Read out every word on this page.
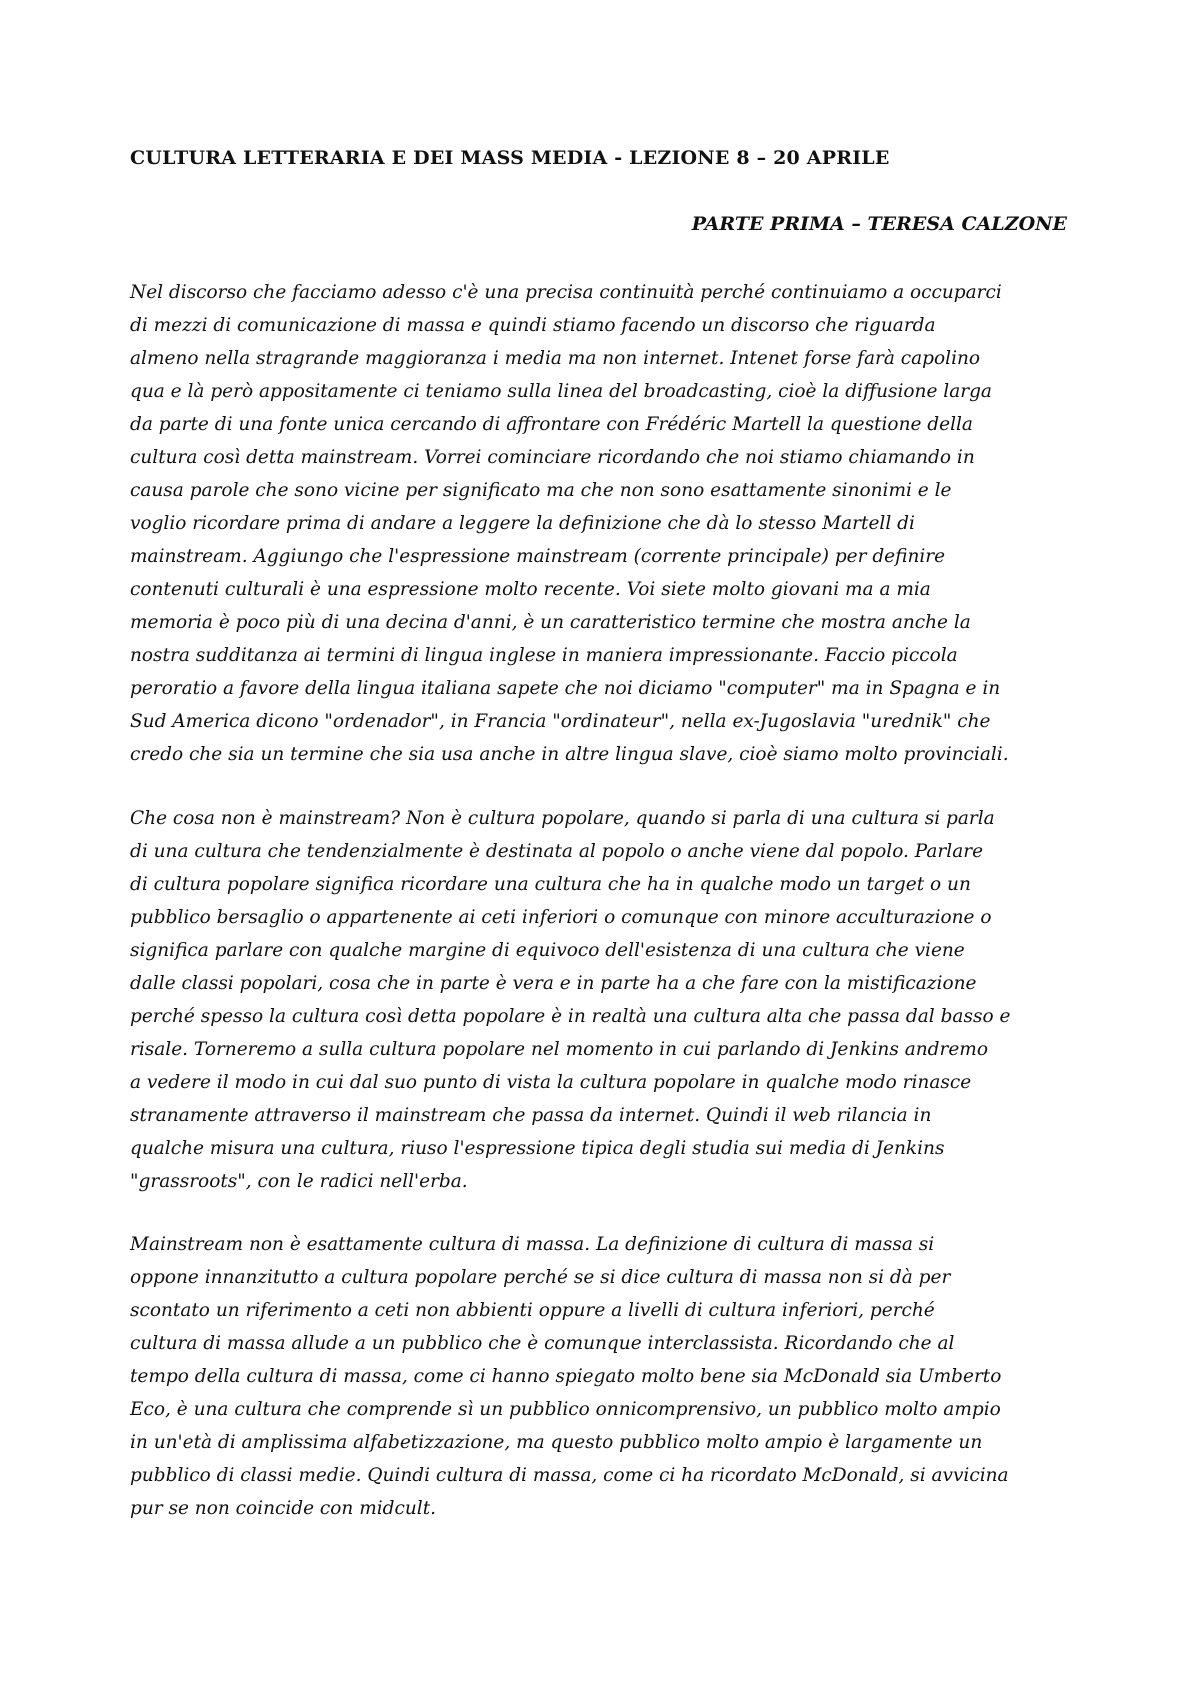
CULTURA LETTERARIA E DEI MASS MEDIA - LEZIONE 8 – 20 APRILE
PARTE PRIMA – TERESA CALZONE
Nel discorso che facciamo adesso c'è una precisa continuità perché continuiamo a occuparci
di mezzi di comunicazione di massa e quindi stiamo facendo un discorso che riguarda
almeno nella stragrande maggioranza i media ma non internet. Intenet forse farà capolino
qua e là però appositamente ci teniamo sulla linea del broadcasting, cioè la diffusione larga
da parte di una fonte unica cercando di affrontare con Frédéric Martell la questione della
cultura così detta mainstream. Vorrei cominciare ricordando che noi stiamo chiamando in
causa parole che sono vicine per significato ma che non sono esattamente sinonimi e le
voglio ricordare prima di andare a leggere la definizione che dà lo stesso Martell di
mainstream. Aggiungo che l'espressione mainstream (corrente principale) per definire
contenuti culturali è una espressione molto recente. Voi siete molto giovani ma a mia
memoria è poco più di una decina d'anni, è un caratteristico termine che mostra anche la
nostra sudditanza ai termini di lingua inglese in maniera impressionante. Faccio piccola
peroratio a favore della lingua italiana sapete che noi diciamo "computer" ma in Spagna e in
Sud America dicono "ordenador", in Francia "ordinateur", nella ex-Jugoslavia "urednik" che
credo che sia un termine che sia usa anche in altre lingua slave, cioè siamo molto provinciali.
Che cosa non è mainstream? Non è cultura popolare, quando si parla di una cultura si parla
di una cultura che tendenzialmente è destinata al popolo o anche viene dal popolo. Parlare
di cultura popolare significa ricordare una cultura che ha in qualche modo un target o un
pubblico bersaglio o appartenente ai ceti inferiori o comunque con minore acculturazione o
significa parlare con qualche margine di equivoco dell'esistenza di una cultura che viene
dalle classi popolari, cosa che in parte è vera e in parte ha a che fare con la mistificazione
perché spesso la cultura così detta popolare è in realtà una cultura alta che passa dal basso e
risale. Torneremo a sulla cultura popolare nel momento in cui parlando di Jenkins andremo
a vedere il modo in cui dal suo punto di vista la cultura popolare in qualche modo rinasce
stranamente attraverso il mainstream che passa da internet. Quindi il web rilancia in
qualche misura una cultura, riuso l'espressione tipica degli studia sui media di Jenkins
"grassroots", con le radici nell'erba.
Mainstream non è esattamente cultura di massa. La definizione di cultura di massa si
oppone innanzitutto a cultura popolare perché se si dice cultura di massa non si dà per
scontato un riferimento a ceti non abbienti oppure a livelli di cultura inferiori, perché
cultura di massa allude a un pubblico che è comunque interclassista. Ricordando che al
tempo della cultura di massa, come ci hanno spiegato molto bene sia McDonald sia Umberto
Eco, è una cultura che comprende sì un pubblico onnicomprensivo, un pubblico molto ampio
in un'età di amplissima alfabetizzazione, ma questo pubblico molto ampio è largamente un
pubblico di classi medie. Quindi cultura di massa, come ci ha ricordato McDonald, si avvicina
pur se non coincide con midcult.
